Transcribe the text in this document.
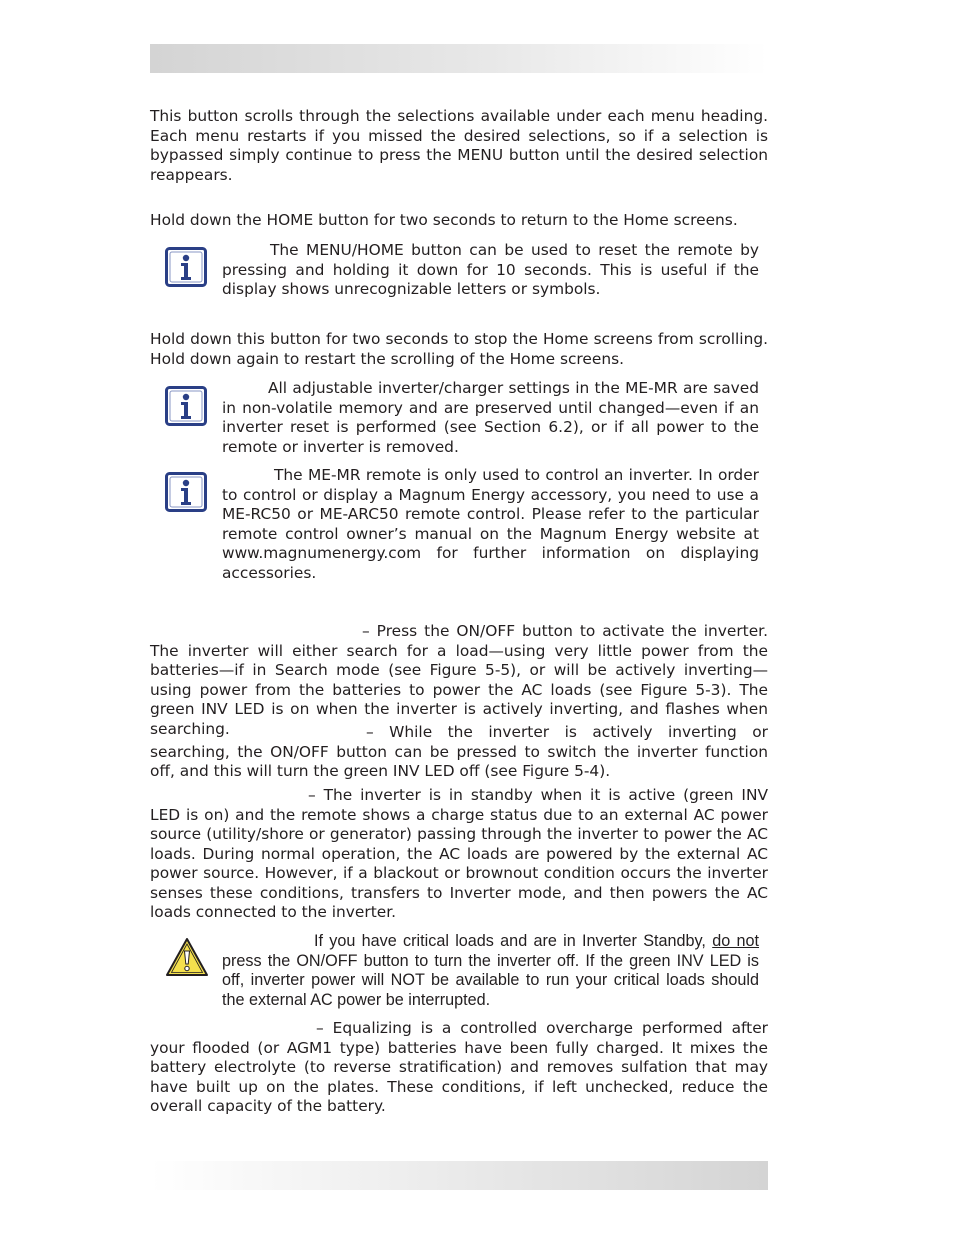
This button scrolls through the selections available under each menu heading. Each menu restarts if you missed the desired selections, so if a selection is bypassed simply continue to press the MENU button until the desired selection reappears.

Hold down the HOME button for two seconds to return to the Home screens.

The MENU/HOME button can be used to reset the remote by pressing and holding it down for 10 seconds. This is useful if the display shows unrecognizable letters or symbols.

Hold down this button for two seconds to stop the Home screens from scrolling. Hold down again to restart the scrolling of the Home screens.

All adjustable inverter/charger settings in the ME-MR are saved in non-volatile memory and are preserved until changed—even if an inverter reset is performed (see Section 6.2), or if all power to the remote or inverter is removed.

The ME-MR remote is only used to control an inverter. In order to control or display a Magnum Energy accessory, you need to use a ME-RC50 or ME-ARC50 remote control. Please refer to the particular remote control owner’s manual on the Magnum Energy website at www.magnumenergy.com for further information on displaying accessories.

– Press the ON/OFF button to activate the inverter. The inverter will either search for a load—using very little power from the batteries—if in Search mode (see Figure 5-5), or will be actively inverting—using power from the batteries to power the AC loads (see Figure 5-3). The green INV LED is on when the inverter is actively inverting, and flashes when searching.	– While the inverter is actively inverting or searching, the ON/OFF button can be pressed to switch the inverter function off, and this will turn the green INV LED off (see Figure 5-4).

– The inverter is in standby when it is active (green INV LED is on) and the remote shows a charge status due to an external AC power source (utility/shore or generator) passing through the inverter to power the AC loads. During normal operation, the AC loads are powered by the external AC power source. However, if a blackout or brownout condition occurs the inverter senses these conditions, transfers to Inverter mode, and then powers the AC loads connected to the inverter.

If you have critical loads and are in Inverter Standby, do not press the ON/OFF button to turn the inverter off. If the green INV LED is off, inverter power will NOT be available to run your critical loads should the external AC power be interrupted.

– Equalizing is a controlled overcharge performed after your flooded (or AGM1 type) batteries have been fully charged. It mixes the battery electrolyte (to reverse stratification) and removes sulfation that may have built up on the plates. These conditions, if left unchecked, reduce the overall capacity of the battery.
